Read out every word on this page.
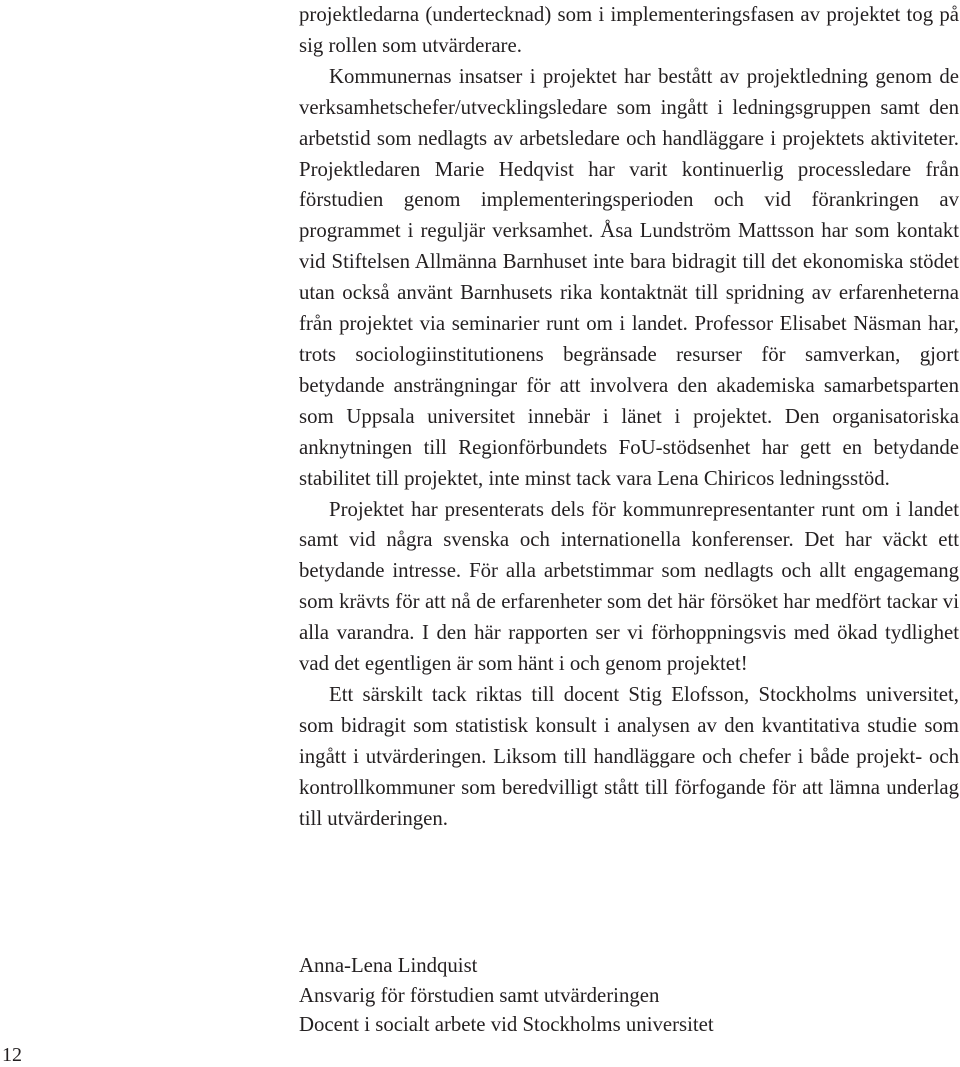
projektledarna (undertecknad) som i implementeringsfasen av projektet tog på sig rollen som utvärderare.

Kommunernas insatser i projektet har bestått av projektledning genom de verksamhetschefer/utvecklingsledare som ingått i ledningsgruppen samt den arbetstid som nedlagts av arbetsledare och handläggare i projektets aktiviteter. Projektledaren Marie Hedqvist har varit kontinuerlig processledare från förstudien genom implementeringsperioden och vid förankringen av programmet i reguljär verksamhet. Åsa Lundström Mattsson har som kontakt vid Stiftelsen Allmänna Barnhuset inte bara bidragit till det ekonomiska stödet utan också använt Barnhusets rika kontaktnät till spridning av erfarenheterna från projektet via seminarier runt om i landet. Professor Elisabet Näsman har, trots sociologiinstitutionens begränsade resurser för samverkan, gjort betydande ansträngningar för att involvera den akademiska samarbetsparten som Uppsala universitet innebär i länet i projektet. Den organisatoriska anknytningen till Regionförbundets FoU-stödsenhet har gett en betydande stabilitet till projektet, inte minst tack vara Lena Chiricos ledningsstöd.

Projektet har presenterats dels för kommunrepresentanter runt om i landet samt vid några svenska och internationella konferenser. Det har väckt ett betydande intresse. För alla arbetstimmar som nedlagts och allt engagemang som krävts för att nå de erfarenheter som det här försöket har medfört tackar vi alla varandra. I den här rapporten ser vi förhoppningsvis med ökad tydlighet vad det egentligen är som hänt i och genom projektet!

Ett särskilt tack riktas till docent Stig Elofsson, Stockholms universitet, som bidragit som statistisk konsult i analysen av den kvantitativa studie som ingått i utvärderingen. Liksom till handläggare och chefer i både projekt- och kontrollkommuner som beredvilligt stått till förfogande för att lämna underlag till utvärderingen.

Anna-Lena Lindquist
Ansvarig för förstudien samt utvärderingen
Docent i socialt arbete vid Stockholms universitet
12
